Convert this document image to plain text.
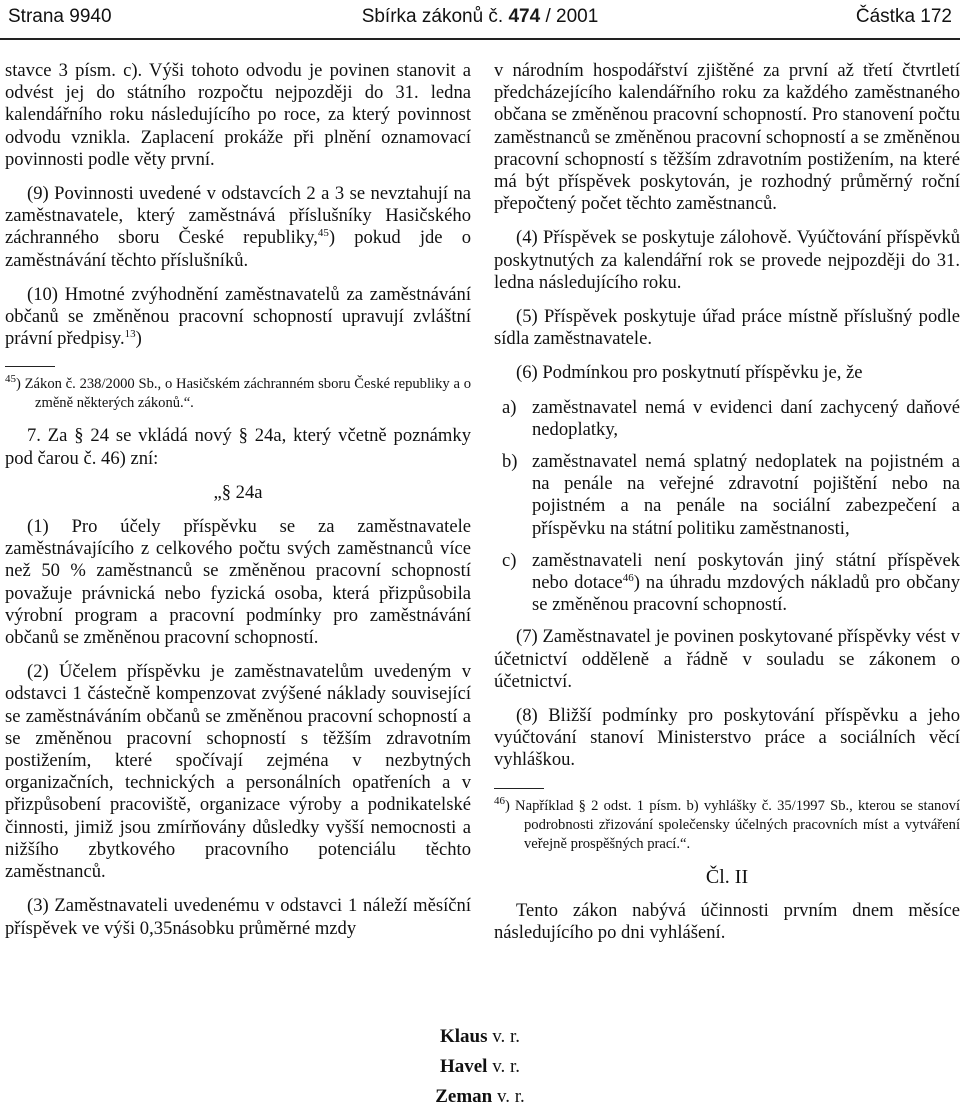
Strana 9940	Sbírka zákonů č. 474 / 2001	Částka 172

stavce 3 písm. c). Výši tohoto odvodu je povinen stanovit a odvést jej do státního rozpočtu nejpozději do 31. ledna kalendářního roku následujícího po roce, za který povinnost odvodu vznikla. Zaplacení prokáže při plnění oznamovací povinnosti podle věty první.

(9) Povinnosti uvedené v odstavcích 2 a 3 se nevztahují na zaměstnavatele, který zaměstnává příslušníky Hasičského záchranného sboru České republiky,$^{45}$) pokud jde o zaměstnávání těchto příslušníků.

(10) Hmotné zvýhodnění zaměstnavatelů za zaměstnávání občanů se změněnou pracovní schopností upravují zvláštní právní předpisy.$^{13}$)

$^{45}$) Zákon č. 238/2000 Sb., o Hasičském záchranném sboru České republiky a o změně některých zákonů.“.

7. Za § 24 se vkládá nový § 24a, který včetně poznámky pod čarou č. 46) zní:

„§ 24a

(1) Pro účely příspěvku se za zaměstnavatele zaměstnávajícího z celkového počtu svých zaměstnanců více než 50 % zaměstnanců se změněnou pracovní schopností považuje právnická nebo fyzická osoba, která přizpůsobila výrobní program a pracovní podmínky pro zaměstnávání občanů se změněnou pracovní schopností.

(2) Účelem příspěvku je zaměstnavatelům uvedeným v odstavci 1 částečně kompenzovat zvýšené náklady související se zaměstnáváním občanů se změněnou pracovní schopností a se změněnou pracovní schopností s těžším zdravotním postižením, které spočívají zejména v nezbytných organizačních, technických a personálních opatřeních a v přizpůsobení pracoviště, organizace výroby a podnikatelské činnosti, jimiž jsou zmírňovány důsledky vyšší nemocnosti a nižšího zbytkového pracovního potenciálu těchto zaměstnanců.

(3) Zaměstnavateli uvedenému v odstavci 1 náleží měsíční příspěvek ve výši 0,35násobku průměrné mzdy

v národním hospodářství zjištěné za první až třetí čtvrtletí předcházejícího kalendářního roku za každého zaměstnaného občana se změněnou pracovní schopností. Pro stanovení počtu zaměstnanců se změněnou pracovní schopností a se změněnou pracovní schopností s těžším zdravotním postižením, na které má být příspěvek poskytován, je rozhodný průměrný roční přepočtený počet těchto zaměstnanců.

(4) Příspěvek se poskytuje zálohově. Vyúčtování příspěvků poskytnutých za kalendářní rok se provede nejpozději do 31. ledna následujícího roku.

(5) Příspěvek poskytuje úřad práce místně příslušný podle sídla zaměstnavatele.

(6) Podmínkou pro poskytnutí příspěvku je, že

a) zaměstnavatel nemá v evidenci daní zachycený daňové nedoplatky,
b) zaměstnavatel nemá splatný nedoplatek na pojistném a na penále na veřejné zdravotní pojištění nebo na pojistném a na penále na sociální zabezpečení a příspěvku na státní politiku zaměstnanosti,
c) zaměstnavateli není poskytován jiný státní příspěvek nebo dotace$^{46}$) na úhradu mzdových nákladů pro občany se změněnou pracovní schopností.

(7) Zaměstnavatel je povinen poskytované příspěvky vést v účetnictví odděleně a řádně v souladu se zákonem o účetnictví.

(8) Bližší podmínky pro poskytování příspěvku a jeho vyúčtování stanoví Ministerstvo práce a sociálních věcí vyhláškou.

$^{46}$) Například § 2 odst. 1 písm. b) vyhlášky č. 35/1997 Sb., kterou se stanoví podrobnosti zřizování společensky účelných pracovních míst a vytváření veřejně prospěšných prací.“.

Čl. II

Tento zákon nabývá účinnosti prvním dnem měsíce následujícího po dni vyhlášení.

Klaus v. r.
Havel v. r.
Zeman v. r.
